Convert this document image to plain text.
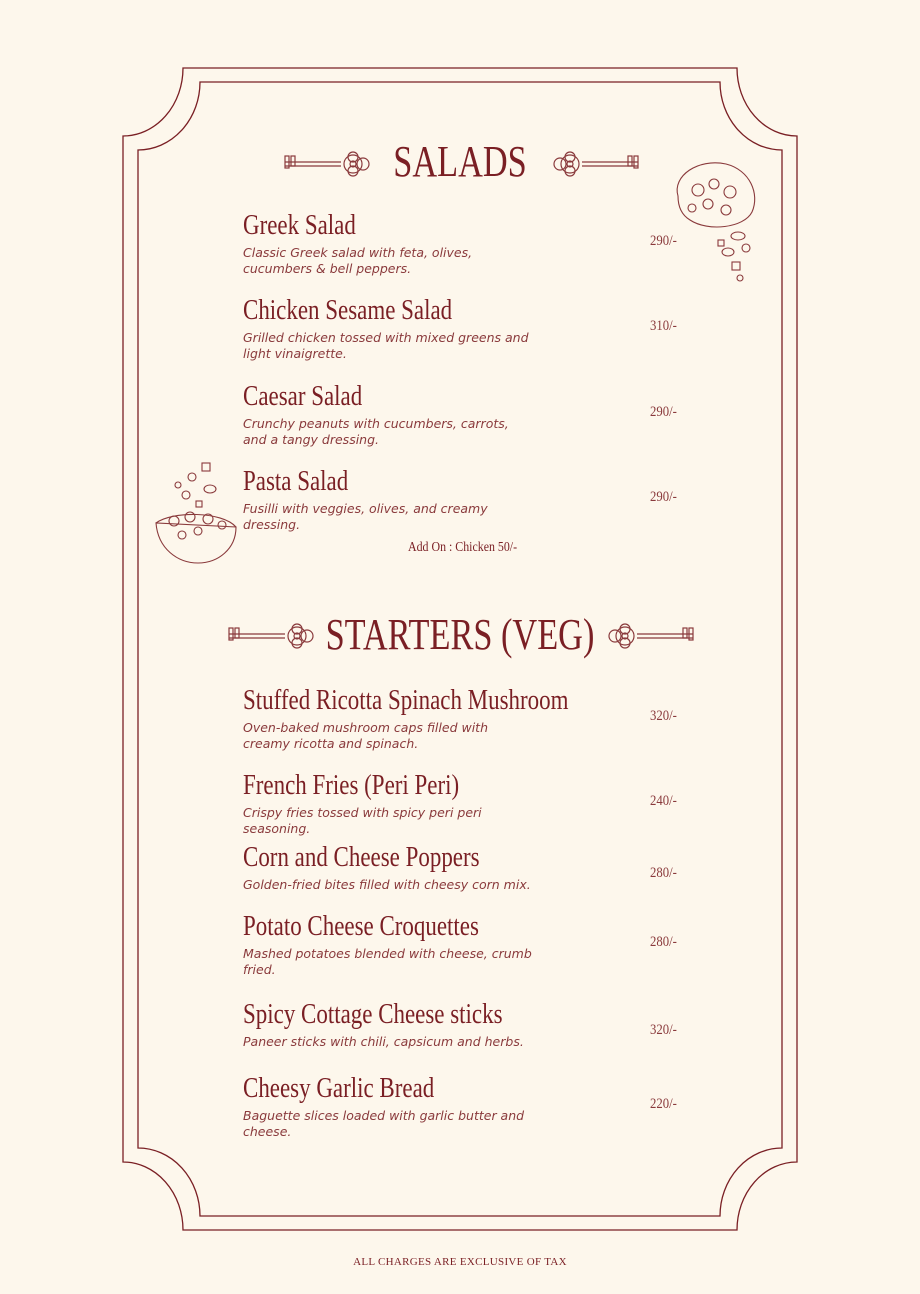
SALADS
Greek Salad
Classic Greek salad with feta, olives, cucumbers & bell peppers.
290/-
Chicken Sesame Salad
Grilled chicken tossed with mixed greens and light vinaigrette.
310/-
Caesar Salad
Crunchy peanuts with cucumbers, carrots, and a tangy dressing.
290/-
Pasta Salad
Fusilli with veggies, olives, and creamy dressing.
290/-
Add On : Chicken 50/-
STARTERS (VEG)
Stuffed Ricotta Spinach Mushroom
Oven-baked mushroom caps filled with creamy ricotta and spinach.
320/-
French Fries (Peri Peri)
Crispy fries tossed with spicy peri peri seasoning.
240/-
Corn and Cheese Poppers
Golden-fried bites filled with cheesy corn mix.
280/-
Potato Cheese Croquettes
Mashed potatoes blended with cheese, crumb fried.
280/-
Spicy Cottage Cheese sticks
Paneer sticks with chili, capsicum and herbs.
320/-
Cheesy Garlic Bread
Baguette slices loaded with garlic butter and cheese.
220/-
ALL CHARGES ARE EXCLUSIVE OF TAX
